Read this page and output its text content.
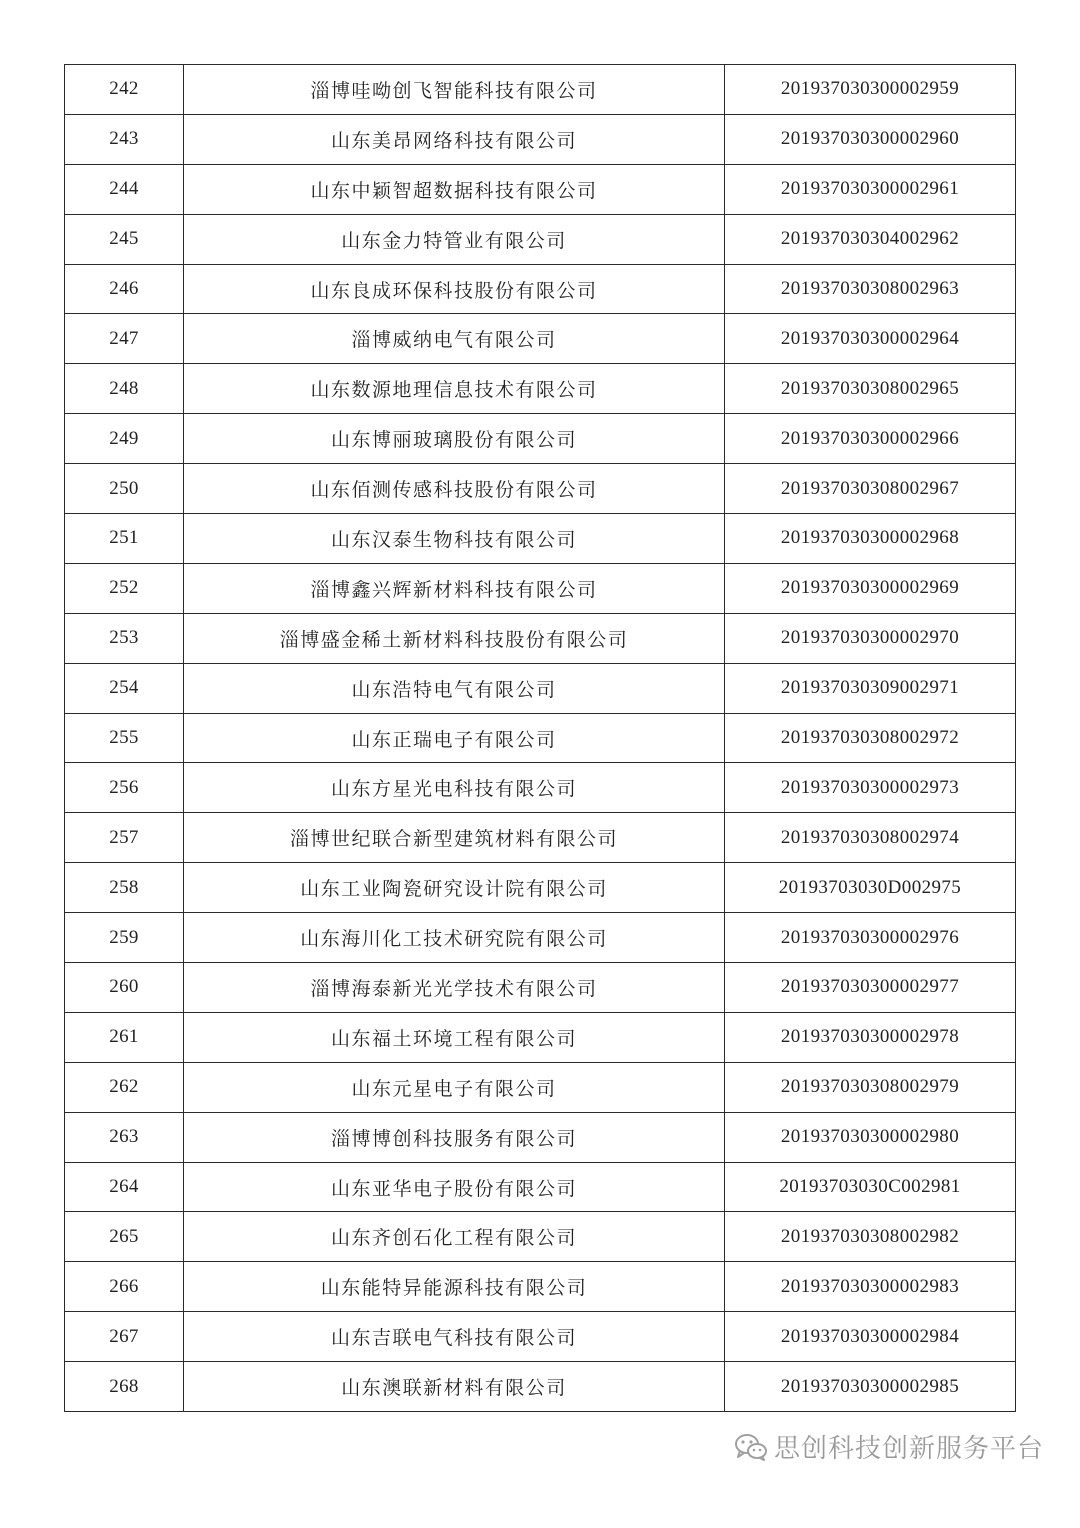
242	淄博哇呦创飞智能科技有限公司	201937030300002959
243	山东美昂网络科技有限公司	201937030300002960
244	山东中颖智超数据科技有限公司	201937030300002961
245	山东金力特管业有限公司	201937030304002962
246	山东良成环保科技股份有限公司	201937030308002963
247	淄博威纳电气有限公司	201937030300002964
248	山东数源地理信息技术有限公司	201937030308002965
249	山东博丽玻璃股份有限公司	201937030300002966
250	山东佰测传感科技股份有限公司	201937030308002967
251	山东汉泰生物科技有限公司	201937030300002968
252	淄博鑫兴辉新材料科技有限公司	201937030300002969
253	淄博盛金稀土新材料科技股份有限公司	201937030300002970
254	山东浩特电气有限公司	201937030309002971
255	山东正瑞电子有限公司	201937030308002972
256	山东方星光电科技有限公司	201937030300002973
257	淄博世纪联合新型建筑材料有限公司	201937030308002974
258	山东工业陶瓷研究设计院有限公司	20193703030D002975
259	山东海川化工技术研究院有限公司	201937030300002976
260	淄博海泰新光光学技术有限公司	201937030300002977
261	山东福土环境工程有限公司	201937030300002978
262	山东元星电子有限公司	201937030308002979
263	淄博博创科技服务有限公司	201937030300002980
264	山东亚华电子股份有限公司	20193703030C002981
265	山东齐创石化工程有限公司	201937030308002982
266	山东能特异能源科技有限公司	201937030300002983
267	山东吉联电气科技有限公司	201937030300002984
268	山东澳联新材料有限公司	201937030300002985
思创科技创新服务平台
